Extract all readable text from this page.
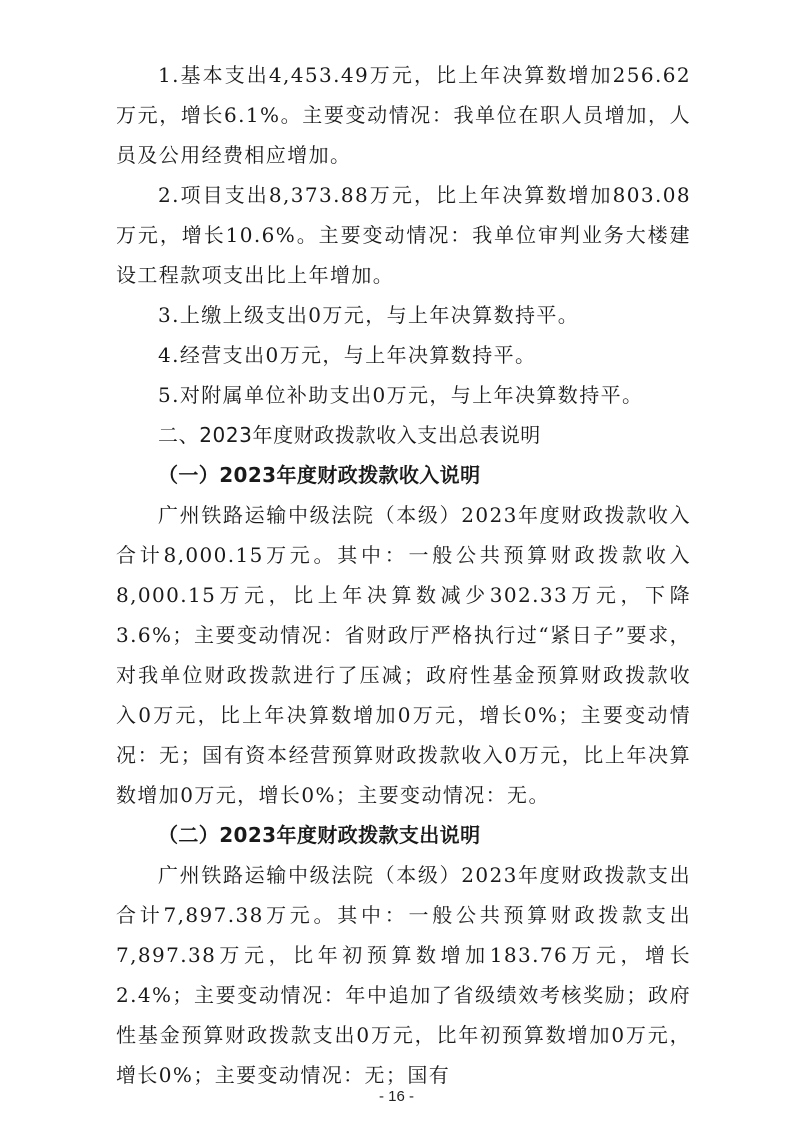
1.基本支出4,453.49万元，比上年决算数增加256.62万元，增长6.1%。主要变动情况：我单位在职人员增加，人员及公用经费相应增加。

2.项目支出8,373.88万元，比上年决算数增加803.08万元，增长10.6%。主要变动情况：我单位审判业务大楼建设工程款项支出比上年增加。

3.上缴上级支出0万元，与上年决算数持平。

4.经营支出0万元，与上年决算数持平。

5.对附属单位补助支出0万元，与上年决算数持平。

二、2023年度财政拨款收入支出总表说明

（一）2023年度财政拨款收入说明

广州铁路运输中级法院（本级）2023年度财政拨款收入合计8,000.15万元。其中：一般公共预算财政拨款收入8,000.15万元，比上年决算数减少302.33万元，下降3.6%；主要变动情况：省财政厅严格执行过“紧日子”要求，对我单位财政拨款进行了压减；政府性基金预算财政拨款收入0万元，比上年决算数增加0万元，增长0%；主要变动情况：无；国有资本经营预算财政拨款收入0万元，比上年决算数增加0万元，增长0%；主要变动情况：无。

（二）2023年度财政拨款支出说明

广州铁路运输中级法院（本级）2023年度财政拨款支出合计7,897.38万元。其中：一般公共预算财政拨款支出7,897.38万元，比年初预算数增加183.76万元，增长2.4%；主要变动情况：年中追加了省级绩效考核奖励；政府性基金预算财政拨款支出0万元，比年初预算数增加0万元，增长0%；主要变动情况：无；国有

- 16 -
